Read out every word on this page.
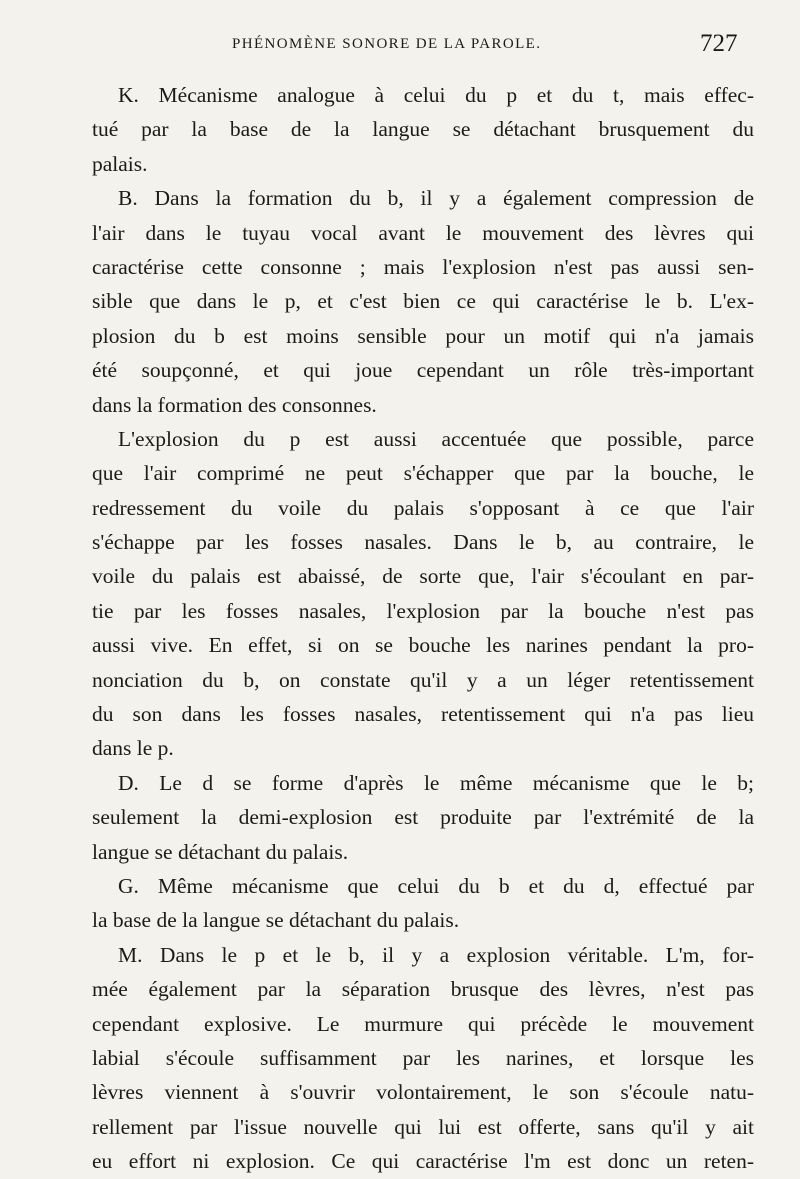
PHÉNOMÈNE SONORE DE LA PAROLE.	727
K. Mécanisme analogue à celui du p et du t, mais effec-
tué par la base de la langue se détachant brusquement du
palais.
B. Dans la formation du b, il y a également compression de
l'air dans le tuyau vocal avant le mouvement des lèvres qui
caractérise cette consonne ; mais l'explosion n'est pas aussi sen-
sible que dans le p, et c'est bien ce qui caractérise le b. L'ex-
plosion du b est moins sensible pour un motif qui n'a jamais
été soupçonné, et qui joue cependant un rôle très-important
dans la formation des consonnes.
L'explosion du p est aussi accentuée que possible, parce
que l'air comprimé ne peut s'échapper que par la bouche, le
redressement du voile du palais s'opposant à ce que l'air
s'échappe par les fosses nasales. Dans le b, au contraire, le
voile du palais est abaissé, de sorte que, l'air s'écoulant en par-
tie par les fosses nasales, l'explosion par la bouche n'est pas
aussi vive. En effet, si on se bouche les narines pendant la pro-
nonciation du b, on constate qu'il y a un léger retentissement
du son dans les fosses nasales, retentissement qui n'a pas lieu
dans le p.
D. Le d se forme d'après le même mécanisme que le b;
seulement la demi-explosion est produite par l'extrémité de la
langue se détachant du palais.
G. Même mécanisme que celui du b et du d, effectué par
la base de la langue se détachant du palais.
M. Dans le p et le b, il y a explosion véritable. L'm, for-
mée également par la séparation brusque des lèvres, n'est pas
cependant explosive. Le murmure qui précède le mouvement
labial s'écoule suffisamment par les narines, et lorsque les
lèvres viennent à s'ouvrir volontairement, le son s'écoule natu-
rellement par l'issue nouvelle qui lui est offerte, sans qu'il y ait
eu effort ni explosion. Ce qui caractérise l'm est donc un reten-
